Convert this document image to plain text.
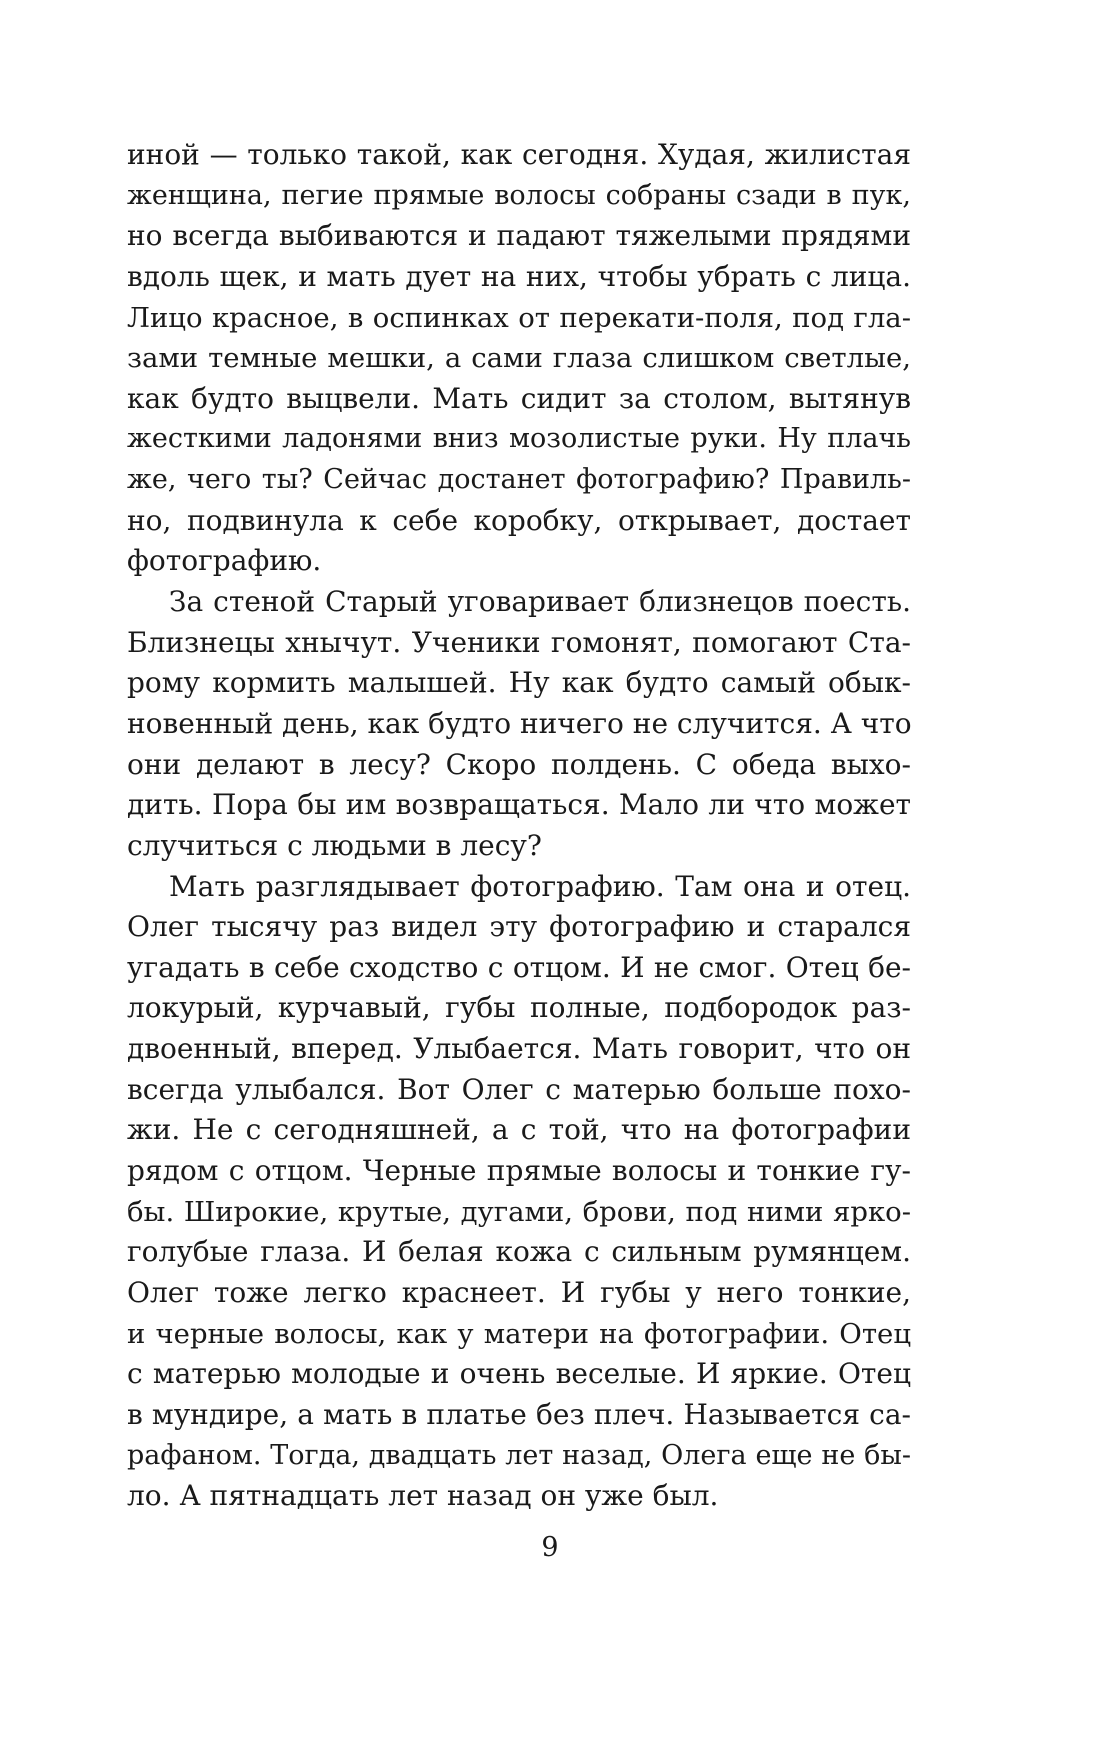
иной — только такой, как сегодня. Худая, жилистая
женщина, пегие прямые волосы собраны сзади в пук,
но всегда выбиваются и падают тяжелыми прядями
вдоль щек, и мать дует на них, чтобы убрать с лица.
Лицо красное, в оспинках от перекати-поля, под гла-
зами темные мешки, а сами глаза слишком светлые,
как будто выцвели. Мать сидит за столом, вытянув
жесткими ладонями вниз мозолистые руки. Ну плачь
же, чего ты? Сейчас достанет фотографию? Правиль-
но, подвинула к себе коробку, открывает, достает
фотографию.
За стеной Старый уговаривает близнецов поесть.
Близнецы хнычут. Ученики гомонят, помогают Ста-
рому кормить малышей. Ну как будто самый обык-
новенный день, как будто ничего не случится. А что
они делают в лесу? Скоро полдень. С обеда выхо-
дить. Пора бы им возвращаться. Мало ли что может
случиться с людьми в лесу?
Мать разглядывает фотографию. Там она и отец.
Олег тысячу раз видел эту фотографию и старался
угадать в себе сходство с отцом. И не смог. Отец бе-
локурый, курчавый, губы полные, подбородок раз-
двоенный, вперед. Улыбается. Мать говорит, что он
всегда улыбался. Вот Олег с матерью больше похо-
жи. Не с сегодняшней, а с той, что на фотографии
рядом с отцом. Черные прямые волосы и тонкие гу-
бы. Широкие, крутые, дугами, брови, под ними ярко-
голубые глаза. И белая кожа с сильным румянцем.
Олег тоже легко краснеет. И губы у него тонкие,
и черные волосы, как у матери на фотографии. Отец
с матерью молодые и очень веселые. И яркие. Отец
в мундире, а мать в платье без плеч. Называется са-
рафаном. Тогда, двадцать лет назад, Олега еще не бы-
ло. А пятнадцать лет назад он уже был.
9
